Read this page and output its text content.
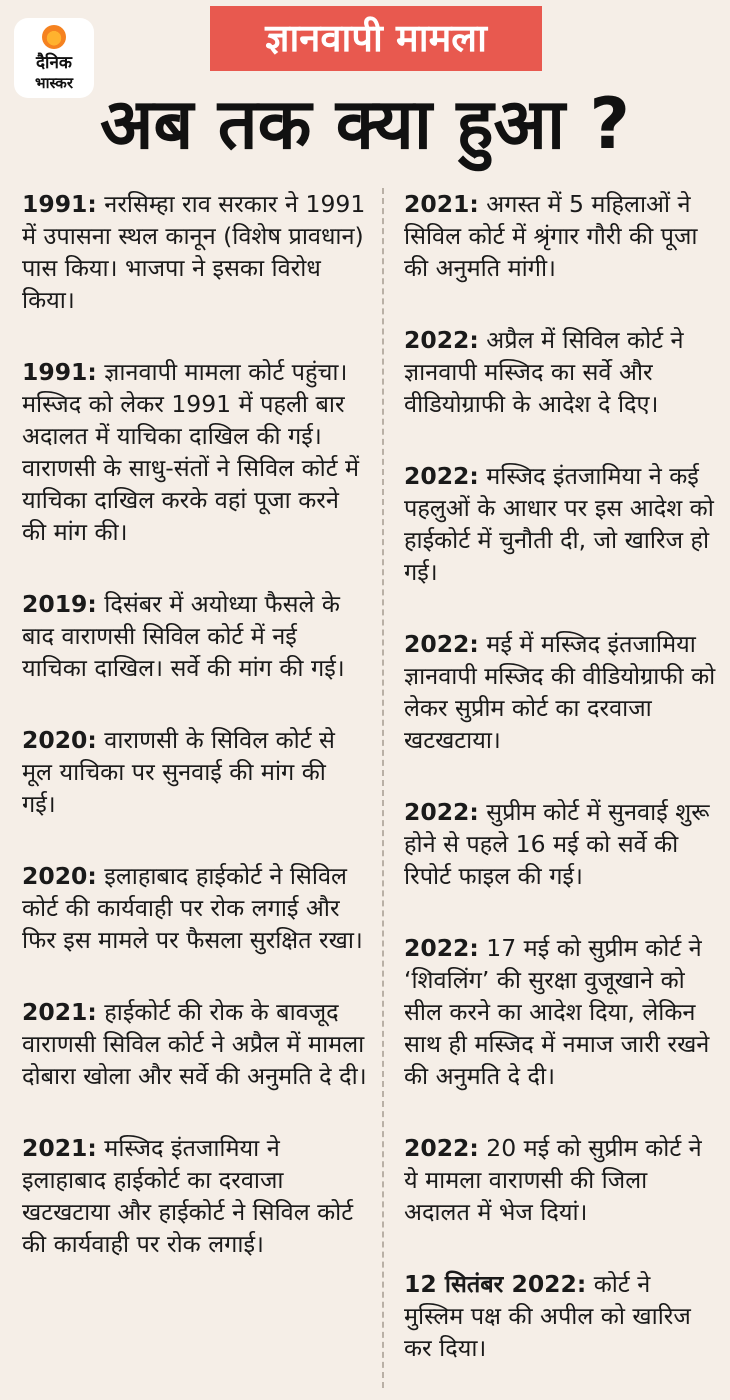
दैनिक
भास्कर
ज्ञानवापी मामला
अब तक क्या हुआ ?

1991: नरसिम्हा राव सरकार ने 1991 में उपासना स्थल कानून (विशेष प्रावधान) पास किया। भाजपा ने इसका विरोध किया।

1991: ज्ञानवापी मामला कोर्ट पहुंचा। मस्जिद को लेकर 1991 में पहली बार अदालत में याचिका दाखिल की गई। वाराणसी के साधु-संतों ने सिविल कोर्ट में याचिका दाखिल करके वहां पूजा करने की मांग की।

2019: दिसंबर में अयोध्या फैसले के बाद वाराणसी सिविल कोर्ट में नई याचिका दाखिल। सर्वे की मांग की गई।

2020: वाराणसी के सिविल कोर्ट से मूल याचिका पर सुनवाई की मांग की गई।

2020: इलाहाबाद हाईकोर्ट ने सिविल कोर्ट की कार्यवाही पर रोक लगाई और फिर इस मामले पर फैसला सुरक्षित रखा।

2021: हाईकोर्ट की रोक के बावजूद वाराणसी सिविल कोर्ट ने अप्रैल में मामला दोबारा खोला और सर्वे की अनुमति दे दी।

2021: मस्जिद इंतजामिया ने इलाहाबाद हाईकोर्ट का दरवाजा खटखटाया और हाईकोर्ट ने सिविल कोर्ट की कार्यवाही पर रोक लगाई।

2021: अगस्त में 5 महिलाओं ने सिविल कोर्ट में श्रृंगार गौरी की पूजा की अनुमति मांगी।

2022: अप्रैल में सिविल कोर्ट ने ज्ञानवापी मस्जिद का सर्वे और वीडियोग्राफी के आदेश दे दिए।

2022: मस्जिद इंतजामिया ने कई पहलुओं के आधार पर इस आदेश को हाईकोर्ट में चुनौती दी, जो खारिज हो गई।

2022: मई में मस्जिद इंतजामिया ज्ञानवापी मस्जिद की वीडियोग्राफी को लेकर सुप्रीम कोर्ट का दरवाजा खटखटाया।

2022: सुप्रीम कोर्ट में सुनवाई शुरू होने से पहले 16 मई को सर्वे की रिपोर्ट फाइल की गई।

2022: 17 मई को सुप्रीम कोर्ट ने ‘शिवलिंग’ की सुरक्षा वुजूखाने को सील करने का आदेश दिया, लेकिन साथ ही मस्जिद में नमाज जारी रखने की अनुमति दे दी।

2022: 20 मई को सुप्रीम कोर्ट ने ये मामला वाराणसी की जिला अदालत में भेज दियां।

12 सितंबर 2022: कोर्ट ने मुस्लिम पक्ष की अपील को खारिज कर दिया।
